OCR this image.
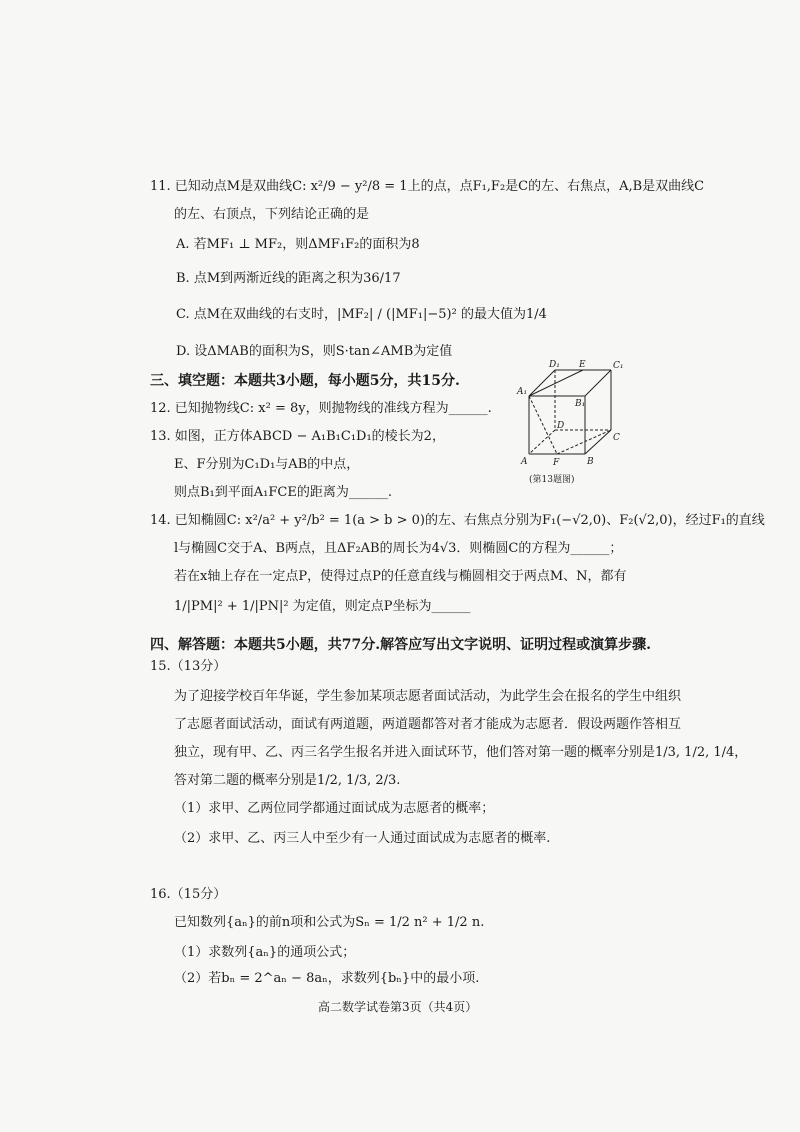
11. 已知动点M是双曲线C: x²/9 − y²/8 = 1上的点，点F₁,F₂是C的左、右焦点，A,B是双曲线C
的左、右顶点，下列结论正确的是
A. 若MF₁ ⊥ MF₂，则ΔMF₁F₂的面积为8
B. 点M到两渐近线的距离之积为36/17
C. 点M在双曲线的右支时，|MF₂| / (|MF₁|−5)² 的最大值为1/4
D. 设ΔMAB的面积为S，则S·tan∠AMB为定值
三、填空题：本题共3小题，每小题5分，共15分.
12. 已知抛物线C: x² = 8y，则抛物线的准线方程为______.
13. 如图，正方体ABCD − A₁B₁C₁D₁的棱长为2，
E、F分别为C₁D₁与AB的中点，
则点B₁到平面A₁FCE的距离为______.
D₁ E	C₁
A₁
B₁
D
C
A	F	B
(第13题图)
14. 已知椭圆C: x²/a² + y²/b² = 1(a > b > 0)的左、右焦点分别为F₁(−√2,0)、F₂(√2,0)，经过F₁的直线
l与椭圆C交于A、B两点，且ΔF₂AB的周长为4√3．则椭圆C的方程为______；
若在x轴上存在一定点P，使得过点P的任意直线与椭圆相交于两点M、N，都有
1/|PM|² + 1/|PN|² 为定值，则定点P坐标为______
四、解答题：本题共5小题，共77分.解答应写出文字说明、证明过程或演算步骤.
15.（13分）
为了迎接学校百年华诞，学生参加某项志愿者面试活动，为此学生会在报名的学生中组织
了志愿者面试活动，面试有两道题，两道题都答对者才能成为志愿者．假设两题作答相互
独立，现有甲、乙、丙三名学生报名并进入面试环节，他们答对第一题的概率分别是1/3, 1/2, 1/4，
答对第二题的概率分别是1/2, 1/3, 2/3.
（1）求甲、乙两位同学都通过面试成为志愿者的概率；
（2）求甲、乙、丙三人中至少有一人通过面试成为志愿者的概率.
16.（15分）
已知数列{aₙ}的前n项和公式为Sₙ = 1/2 n² + 1/2 n.
（1）求数列{aₙ}的通项公式；
（2）若bₙ = 2^aₙ − 8aₙ，求数列{bₙ}中的最小项.
高二数学试卷第3页（共4页）
